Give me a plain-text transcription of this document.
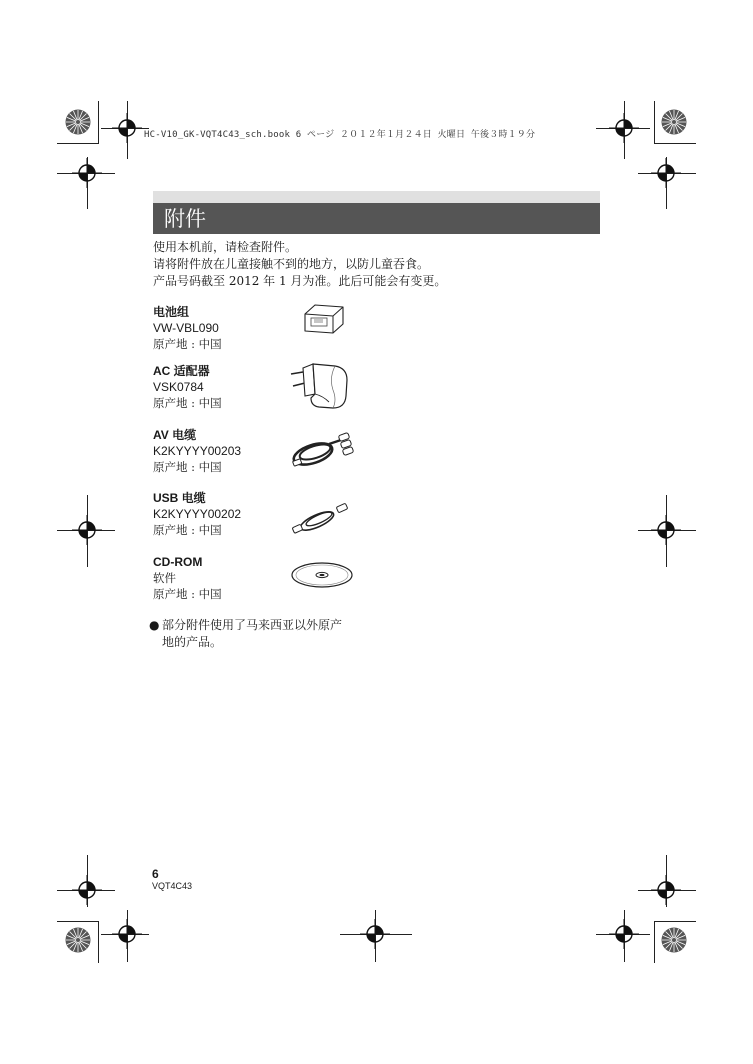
HC-V10_GK-VQT4C43_sch.book 6 ページ ２０１２年１月２４日 火曜日 午後３時１９分
附件
使用本机前，请检查附件。
请将附件放在儿童接触不到的地方，以防儿童吞食。
产品号码截至 2012 年 1 月为准。此后可能会有变更。
电池组
VW-VBL090
原产地 : 中国
AC 适配器
VSK0784
原产地 : 中国
AV 电缆
K2KYYYY00203
原产地 : 中国
USB 电缆
K2KYYYY00202
原产地 : 中国
CD-ROM
软件
原产地 : 中国
● 部分附件使用了马来西亚以外原产
地的产品。
6
VQT4C43
